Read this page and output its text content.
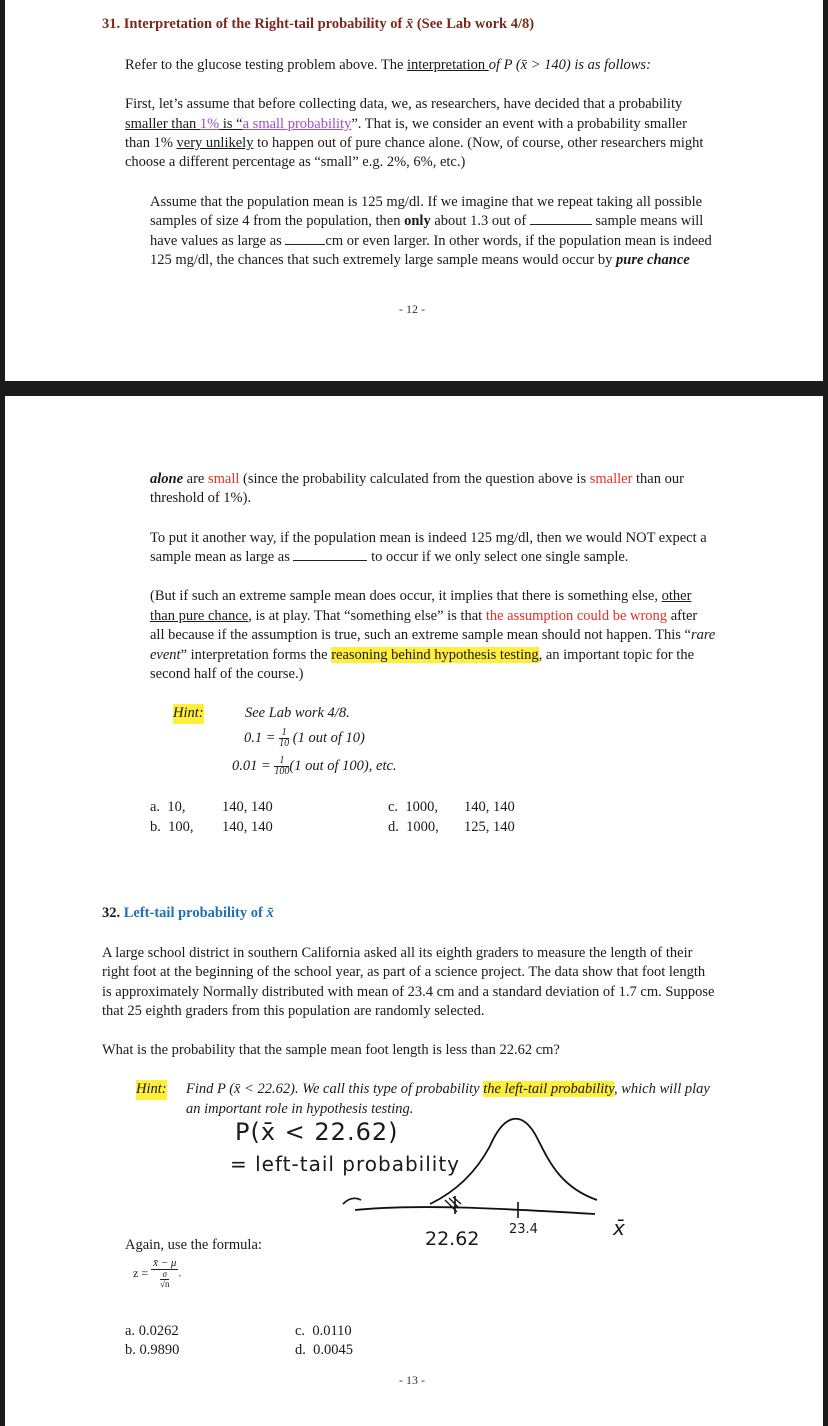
31. Interpretation of the Right-tail probability of x̄ (See Lab work 4/8)
Refer to the glucose testing problem above. The interpretation of P (x̄ > 140) is as follows:
First, let’s assume that before collecting data, we, as researchers, have decided that a probability
smaller than 1% is “a small probability”. That is, we consider an event with a probability smaller
than 1% very unlikely to happen out of pure chance alone. (Now, of course, other researchers might
choose a different percentage as “small” e.g. 2%, 6%, etc.)
Assume that the population mean is 125 mg/dl. If we imagine that we repeat taking all possible
samples of size 4 from the population, then only about 1.3 out of	sample means will
have values as large as	cm or even larger. In other words, if the population mean is indeed
125 mg/dl, the chances that such extremely large sample means would occur by pure chance
- 12 -
alone are small (since the probability calculated from the question above is smaller than our
threshold of 1%).
To put it another way, if the population mean is indeed 125 mg/dl, then we would NOT expect a
sample mean as large as	to occur if we only select one single sample.
(But if such an extreme sample mean does occur, it implies that there is something else, other
than pure chance, is at play. That “something else” is that the assumption could be wrong after
all because if the assumption is true, such an extreme sample mean should not happen. This “rare
event” interpretation forms the reasoning behind hypothesis testing, an important topic for the
second half of the course.)
Hint:	See Lab work 4/8.
$0.1 = \frac{1}{10} (1$ out of 10)
$0.01 = \frac{1}{100} (1$ out of 100), etc.
a. 10,	140, 140
b. 100, 140, 140
c. 1000, 140, 140
d. 1000, 125, 140
32. Left-tail probability of x̄
A large school district in southern California asked all its eighth graders to measure the length of their
right foot at the beginning of the school year, as part of a science project. The data show that foot length
is approximately Normally distributed with mean of 23.4 cm and a standard deviation of 1.7 cm. Suppose
that 25 eighth graders from this population are randomly selected.
What is the probability that the sample mean foot length is less than 22.62 cm?
Hint: Find P (x̄ < 22.62). We call this type of probability the left-tail probability, which will play
an important role in hypothesis testing.
P(x̄ < 22.62)
= left-tail probability
22.62 23.4	x̄
Again, use the formula:
$z = \frac{x̄ - \mu}{\frac{\sigma}{√n}}$ .
a. 0.0262
b. 0.9890
c. 0.0110
d. 0.0045
- 13 -
